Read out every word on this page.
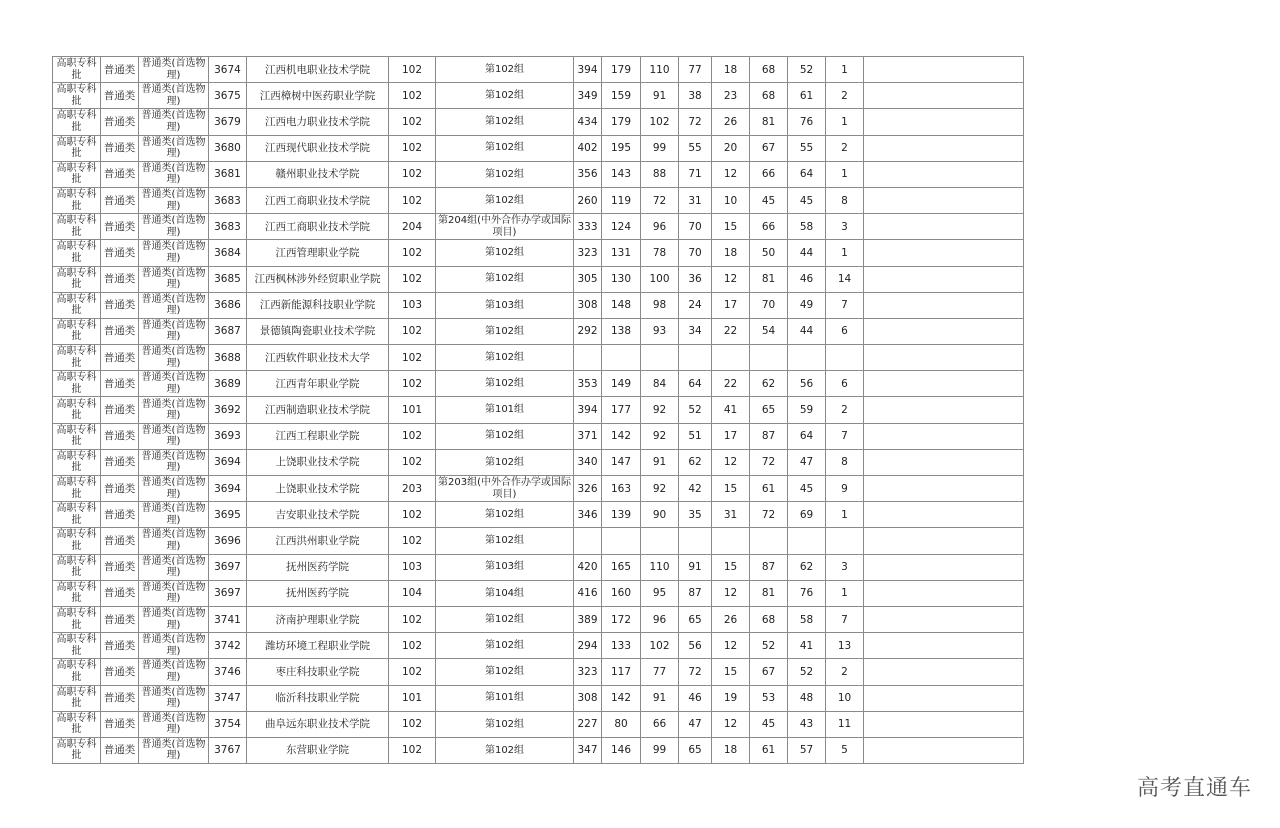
高职专科批	普通类	普通类(首选物理)	3674	江西机电职业技术学院	102	第102组	394	179	110	77	18	68	52	1	
高职专科批	普通类	普通类(首选物理)	3675	江西樟树中医药职业学院	102	第102组	349	159	91	38	23	68	61	2	
高职专科批	普通类	普通类(首选物理)	3679	江西电力职业技术学院	102	第102组	434	179	102	72	26	81	76	1	
高职专科批	普通类	普通类(首选物理)	3680	江西现代职业技术学院	102	第102组	402	195	99	55	20	67	55	2	
高职专科批	普通类	普通类(首选物理)	3681	赣州职业技术学院	102	第102组	356	143	88	71	12	66	64	1	
高职专科批	普通类	普通类(首选物理)	3683	江西工商职业技术学院	102	第102组	260	119	72	31	10	45	45	8	
高职专科批	普通类	普通类(首选物理)	3683	江西工商职业技术学院	204	第204组(中外合作办学或国际项目)	333	124	96	70	15	66	58	3	
高职专科批	普通类	普通类(首选物理)	3684	江西管理职业学院	102	第102组	323	131	78	70	18	50	44	1	
高职专科批	普通类	普通类(首选物理)	3685	江西枫林涉外经贸职业学院	102	第102组	305	130	100	36	12	81	46	14	
高职专科批	普通类	普通类(首选物理)	3686	江西新能源科技职业学院	103	第103组	308	148	98	24	17	70	49	7	
高职专科批	普通类	普通类(首选物理)	3687	景德镇陶瓷职业技术学院	102	第102组	292	138	93	34	22	54	44	6	
高职专科批	普通类	普通类(首选物理)	3688	江西软件职业技术大学	102	第102组									
高职专科批	普通类	普通类(首选物理)	3689	江西青年职业学院	102	第102组	353	149	84	64	22	62	56	6	
高职专科批	普通类	普通类(首选物理)	3692	江西制造职业技术学院	101	第101组	394	177	92	52	41	65	59	2	
高职专科批	普通类	普通类(首选物理)	3693	江西工程职业学院	102	第102组	371	142	92	51	17	87	64	7	
高职专科批	普通类	普通类(首选物理)	3694	上饶职业技术学院	102	第102组	340	147	91	62	12	72	47	8	
高职专科批	普通类	普通类(首选物理)	3694	上饶职业技术学院	203	第203组(中外合作办学或国际项目)	326	163	92	42	15	61	45	9	
高职专科批	普通类	普通类(首选物理)	3695	吉安职业技术学院	102	第102组	346	139	90	35	31	72	69	1	
高职专科批	普通类	普通类(首选物理)	3696	江西洪州职业学院	102	第102组									
高职专科批	普通类	普通类(首选物理)	3697	抚州医药学院	103	第103组	420	165	110	91	15	87	62	3	
高职专科批	普通类	普通类(首选物理)	3697	抚州医药学院	104	第104组	416	160	95	87	12	81	76	1	
高职专科批	普通类	普通类(首选物理)	3741	济南护理职业学院	102	第102组	389	172	96	65	26	68	58	7	
高职专科批	普通类	普通类(首选物理)	3742	潍坊环境工程职业学院	102	第102组	294	133	102	56	12	52	41	13	
高职专科批	普通类	普通类(首选物理)	3746	枣庄科技职业学院	102	第102组	323	117	77	72	15	67	52	2	
高职专科批	普通类	普通类(首选物理)	3747	临沂科技职业学院	101	第101组	308	142	91	46	19	53	48	10	
高职专科批	普通类	普通类(首选物理)	3754	曲阜远东职业技术学院	102	第102组	227	80	66	47	12	45	43	11	
高职专科批	普通类	普通类(首选物理)	3767	东营职业学院	102	第102组	347	146	99	65	18	61	57	5	
高考直通车
